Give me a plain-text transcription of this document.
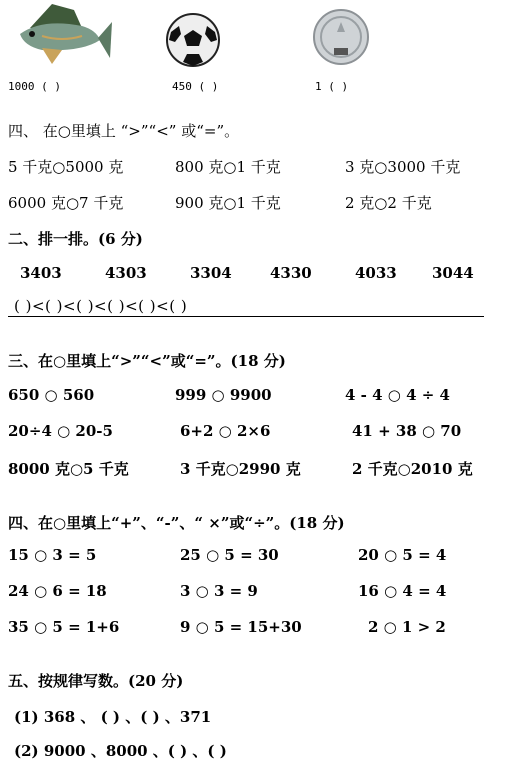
1000 ( )	450 ( )	1 ( )
四、 在○里填上 “>”“<” 或“=”。
5 千克○5000 克	800 克○1 千克	3 克○3000 千克
6000 克○7 千克	900 克○1 千克	2 克○2 千克
二、排一排。(6 分)
3403	4303	3304	4330	4033 3044
( )<( )<( )<( )<( )<( )
三、在○里填上“>”“<”或“=”。(18 分)
650 ○ 560	999 ○ 9900	4 - 4 ○ 4 ÷ 4
20÷4 ○ 20-5	6+2 ○ 2×6	41 + 38 ○ 70
8000 克○5 千克	3 千克○2990 克	2 千克○2010 克
四、在○里填上“+”、“-”、“ ×”或“÷”。(18 分)
15 ○ 3 = 5	25 ○ 5 = 30	20 ○ 5 = 4
24 ○ 6 = 18	3 ○ 3 = 9	16 ○ 4 = 4
35 ○ 5 = 1+6	9 ○ 5 = 15+30	2 ○ 1 > 2
五、按规律写数。(20 分)
(1) 368 、 ( ) 、( ) 、371
(2) 9000 、8000 、( ) 、( )
